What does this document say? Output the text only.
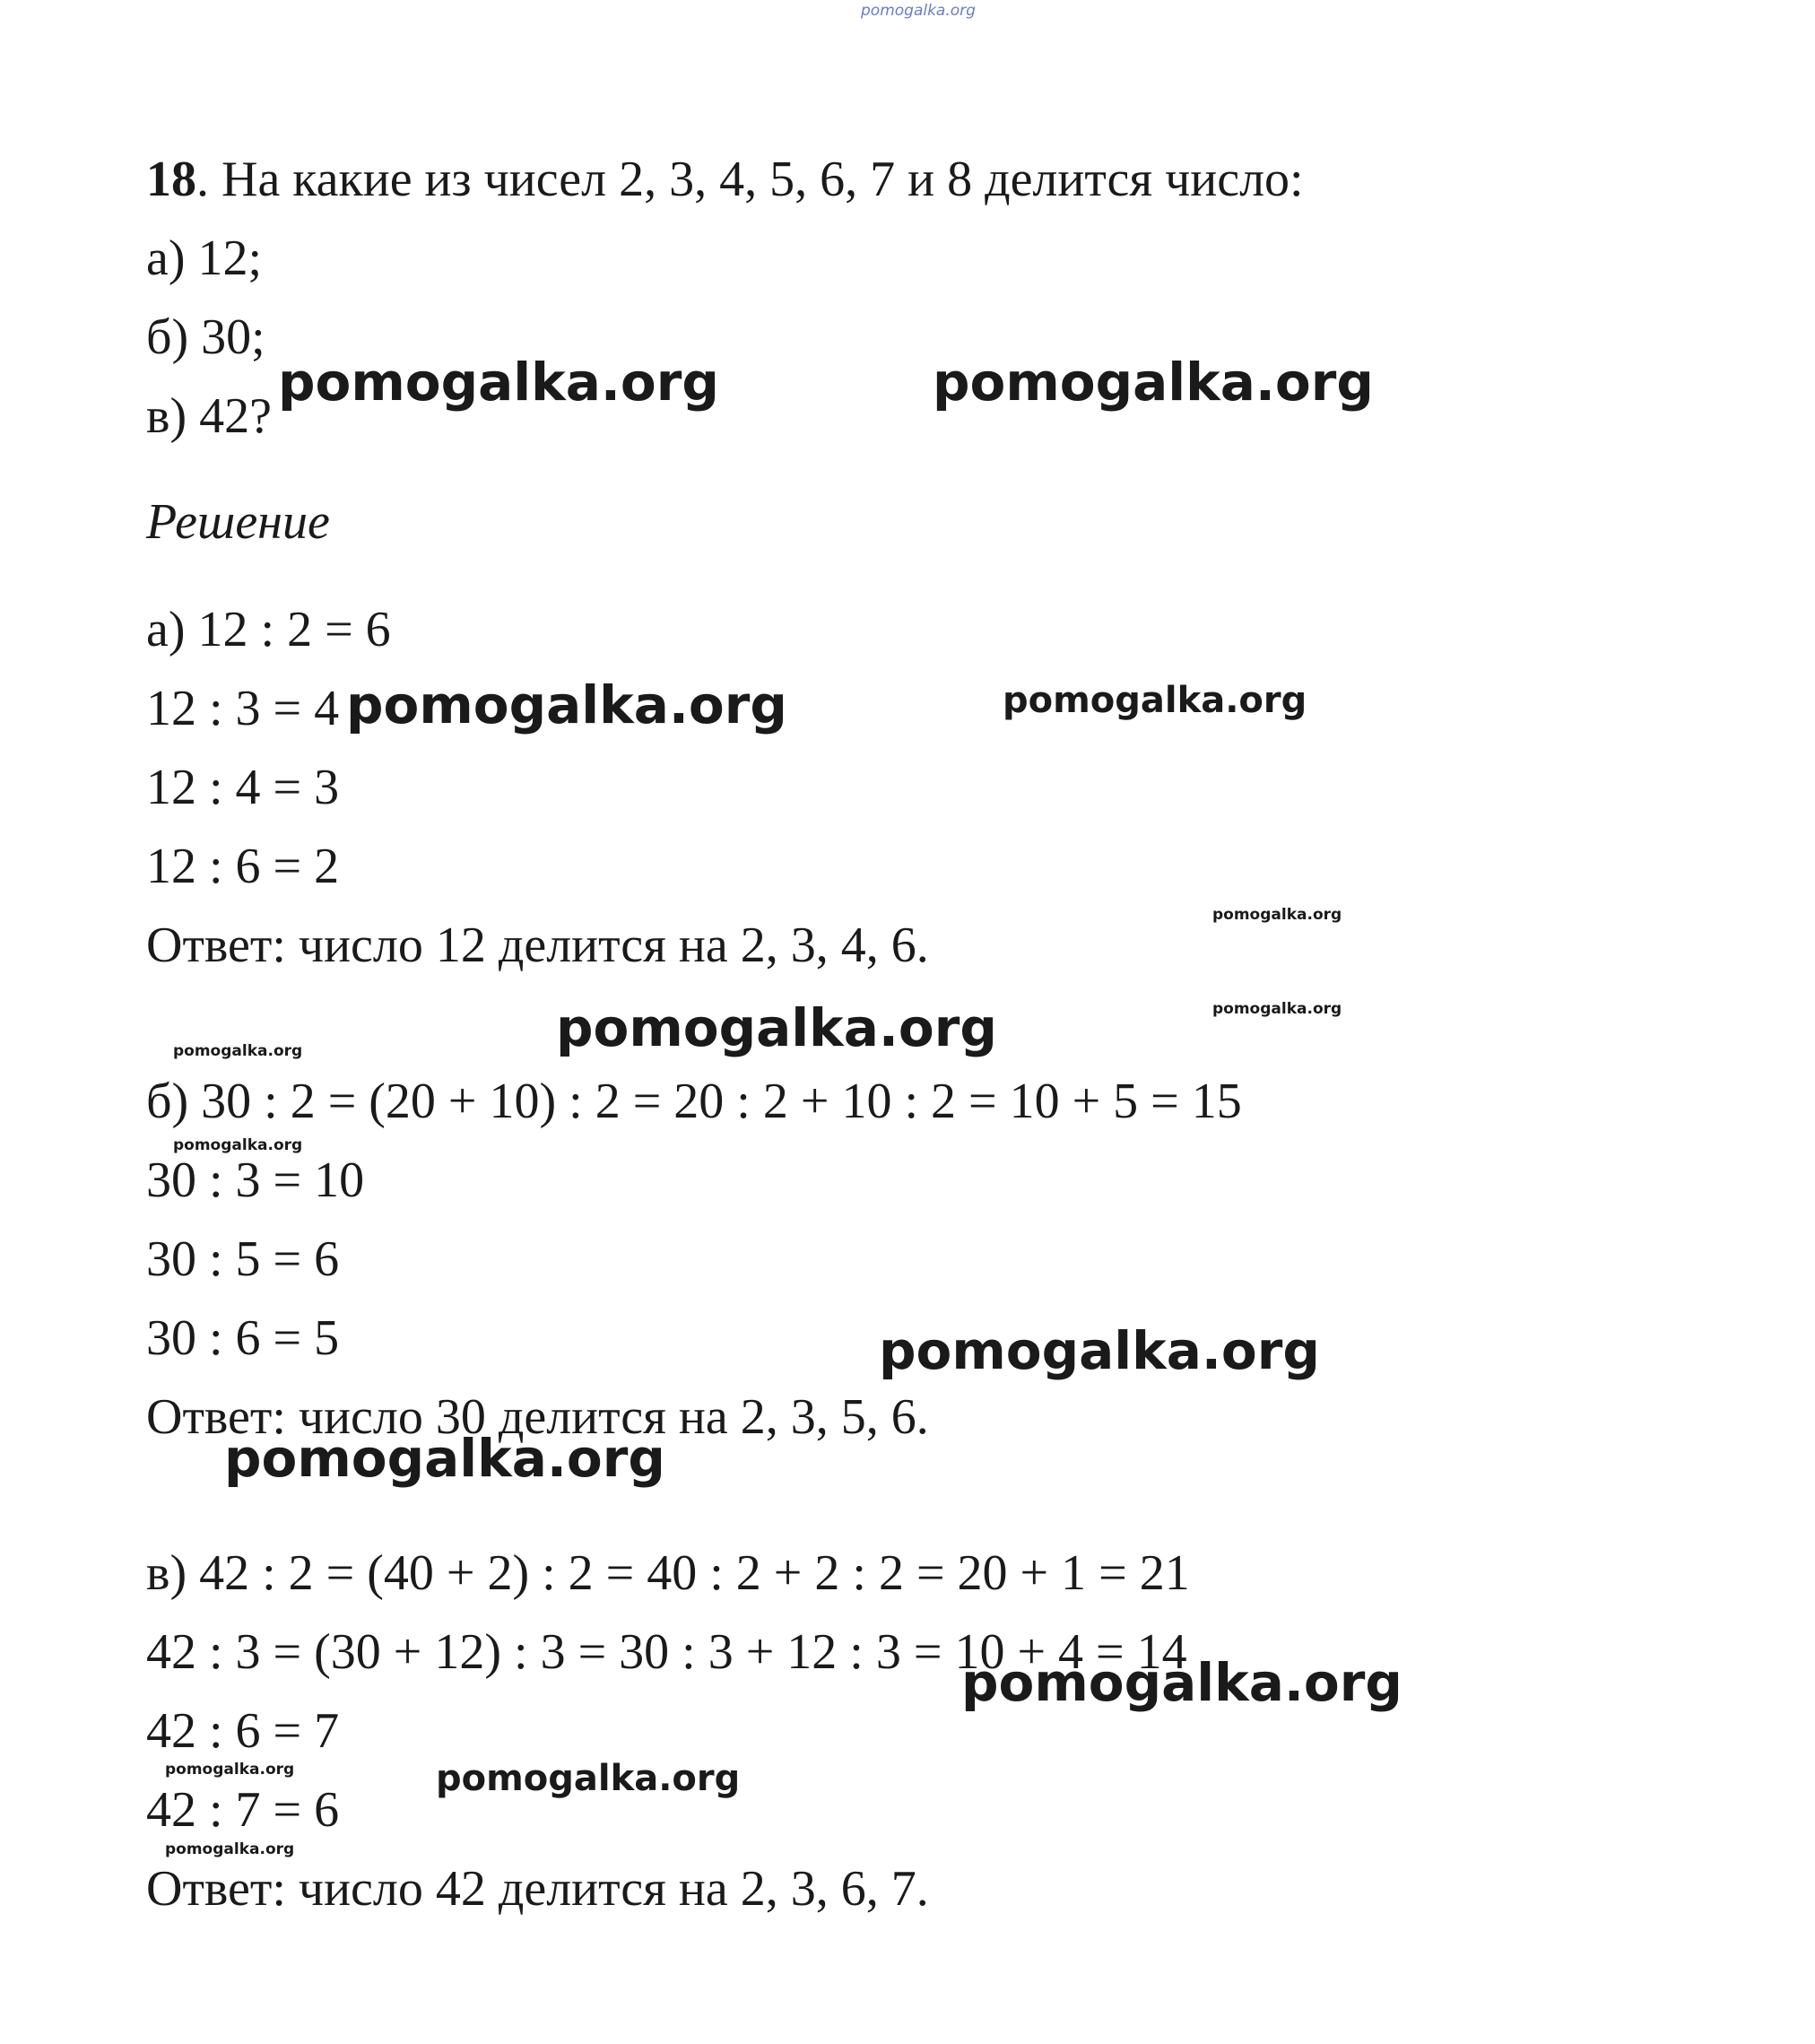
pomogalka.org
18. На какие из чисел 2, 3, 4, 5, 6, 7 и 8 делится число:
а) 12;
б) 30;
в) 42?
Решение
а) 12 : 2 = 6
12 : 3 = 4
12 : 4 = 3
12 : 6 = 2
Ответ: число 12 делится на 2, 3, 4, 6.
б) 30 : 2 = (20 + 10) : 2 = 20 : 2 + 10 : 2 = 10 + 5 = 15
30 : 3 = 10
30 : 5 = 6
30 : 6 = 5
Ответ: число 30 делится на 2, 3, 5, 6.
в) 42 : 2 = (40 + 2) : 2 = 40 : 2 + 2 : 2 = 20 + 1 = 21
42 : 3 = (30 + 12) : 3 = 30 : 3 + 12 : 3 = 10 + 4 = 14
42 : 6 = 7
42 : 7 = 6
Ответ: число 42 делится на 2, 3, 6, 7.
pomogalka.org	pomogalka.org
pomogalka.org	pomogalka.org
pomogalka.org
pomogalka.org
pomogalka.org
pomogalka.org
pomogalka.org
pomogalka.org
pomogalka.org
pomogalka.org
pomogalka.org
pomogalka.org
pomogalka.org
